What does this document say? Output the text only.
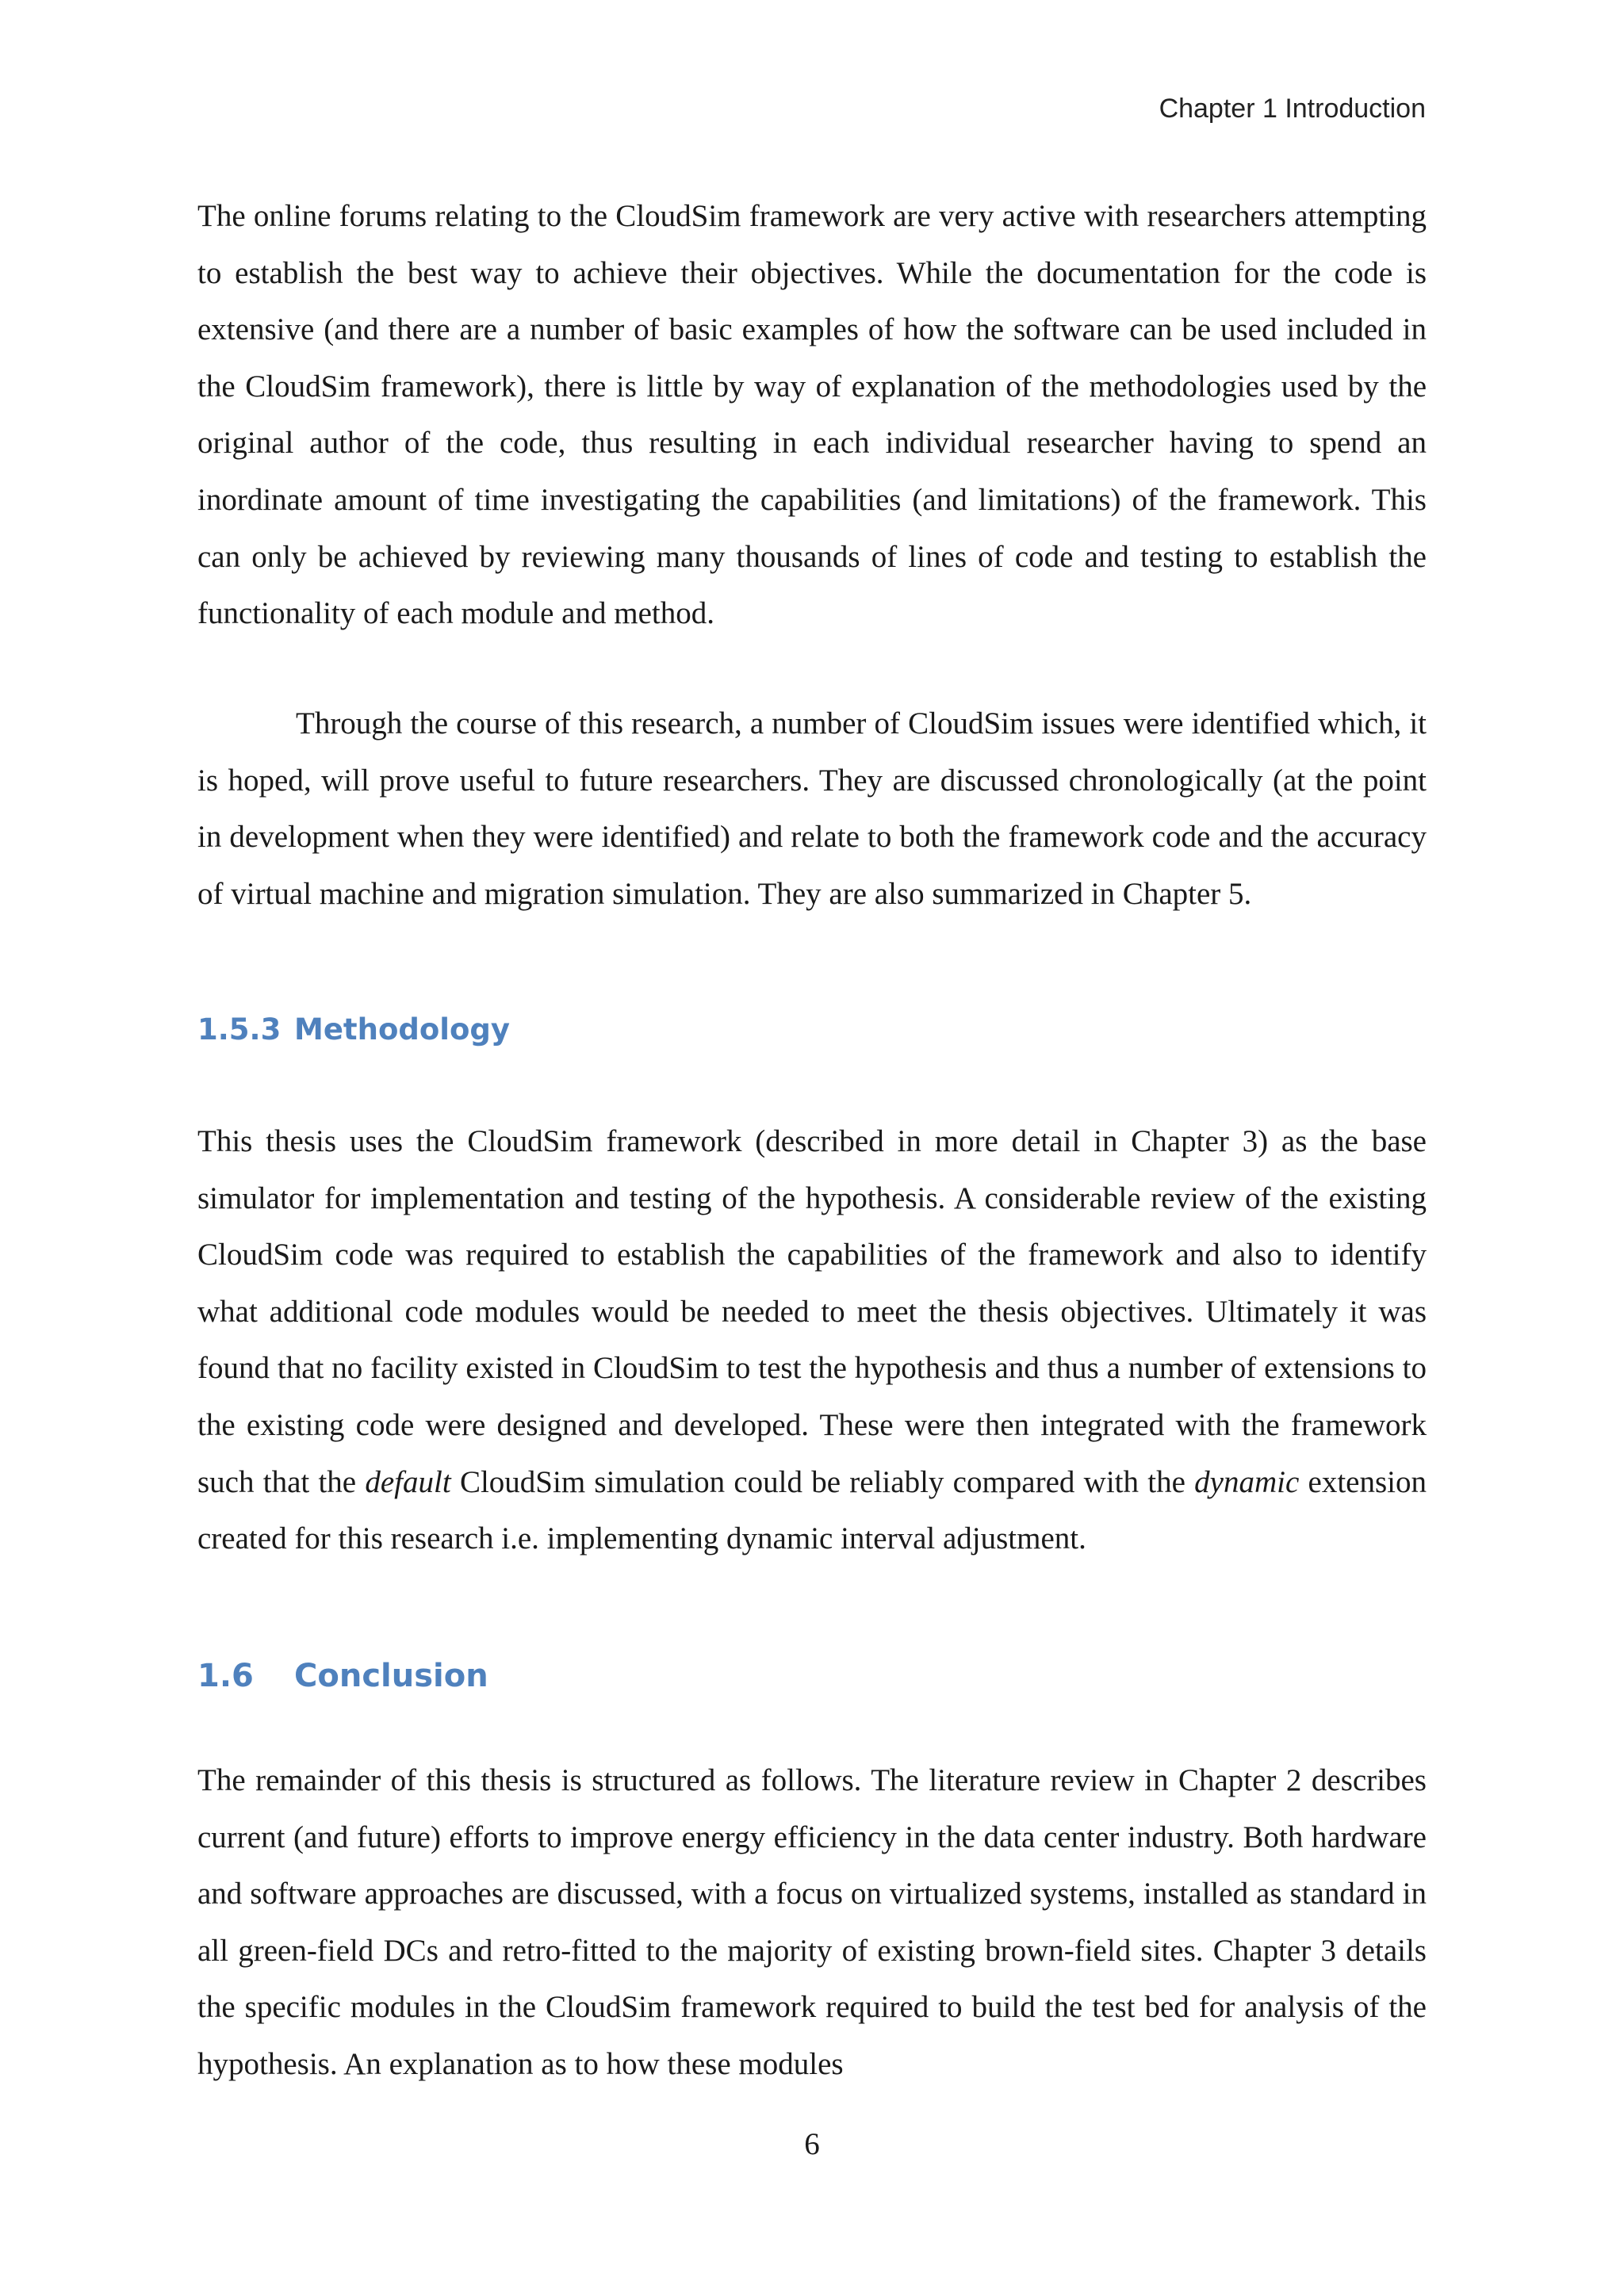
Chapter 1 Introduction

The online forums relating to the CloudSim framework are very active with researchers attempting to establish the best way to achieve their objectives. While the documentation for the code is extensive (and there are a number of basic examples of how the software can be used included in the CloudSim framework), there is little by way of explanation of the methodologies used by the original author of the code, thus resulting in each individual researcher having to spend an inordinate amount of time investigating the capabilities (and limitations) of the framework. This can only be achieved by reviewing many thousands of lines of code and testing to establish the functionality of each module and method.

Through the course of this research, a number of CloudSim issues were identified which, it is hoped, will prove useful to future researchers. They are discussed chronologically (at the point in development when they were identified) and relate to both the framework code and the accuracy of virtual machine and migration simulation. They are also summarized in Chapter 5.

1.5.3 Methodology

This thesis uses the CloudSim framework (described in more detail in Chapter 3) as the base simulator for implementation and testing of the hypothesis. A considerable review of the existing CloudSim code was required to establish the capabilities of the framework and also to identify what additional code modules would be needed to meet the thesis objectives. Ultimately it was found that no facility existed in CloudSim to test the hypothesis and thus a number of extensions to the existing code were designed and developed. These were then integrated with the framework such that the default CloudSim simulation could be reliably compared with the dynamic extension created for this research i.e. implementing dynamic interval adjustment.

1.6 Conclusion

The remainder of this thesis is structured as follows. The literature review in Chapter 2 describes current (and future) efforts to improve energy efficiency in the data center industry. Both hardware and software approaches are discussed, with a focus on virtualized systems, installed as standard in all green-field DCs and retro-fitted to the majority of existing brown-field sites. Chapter 3 details the specific modules in the CloudSim framework required to build the test bed for analysis of the hypothesis. An explanation as to how these modules

6
